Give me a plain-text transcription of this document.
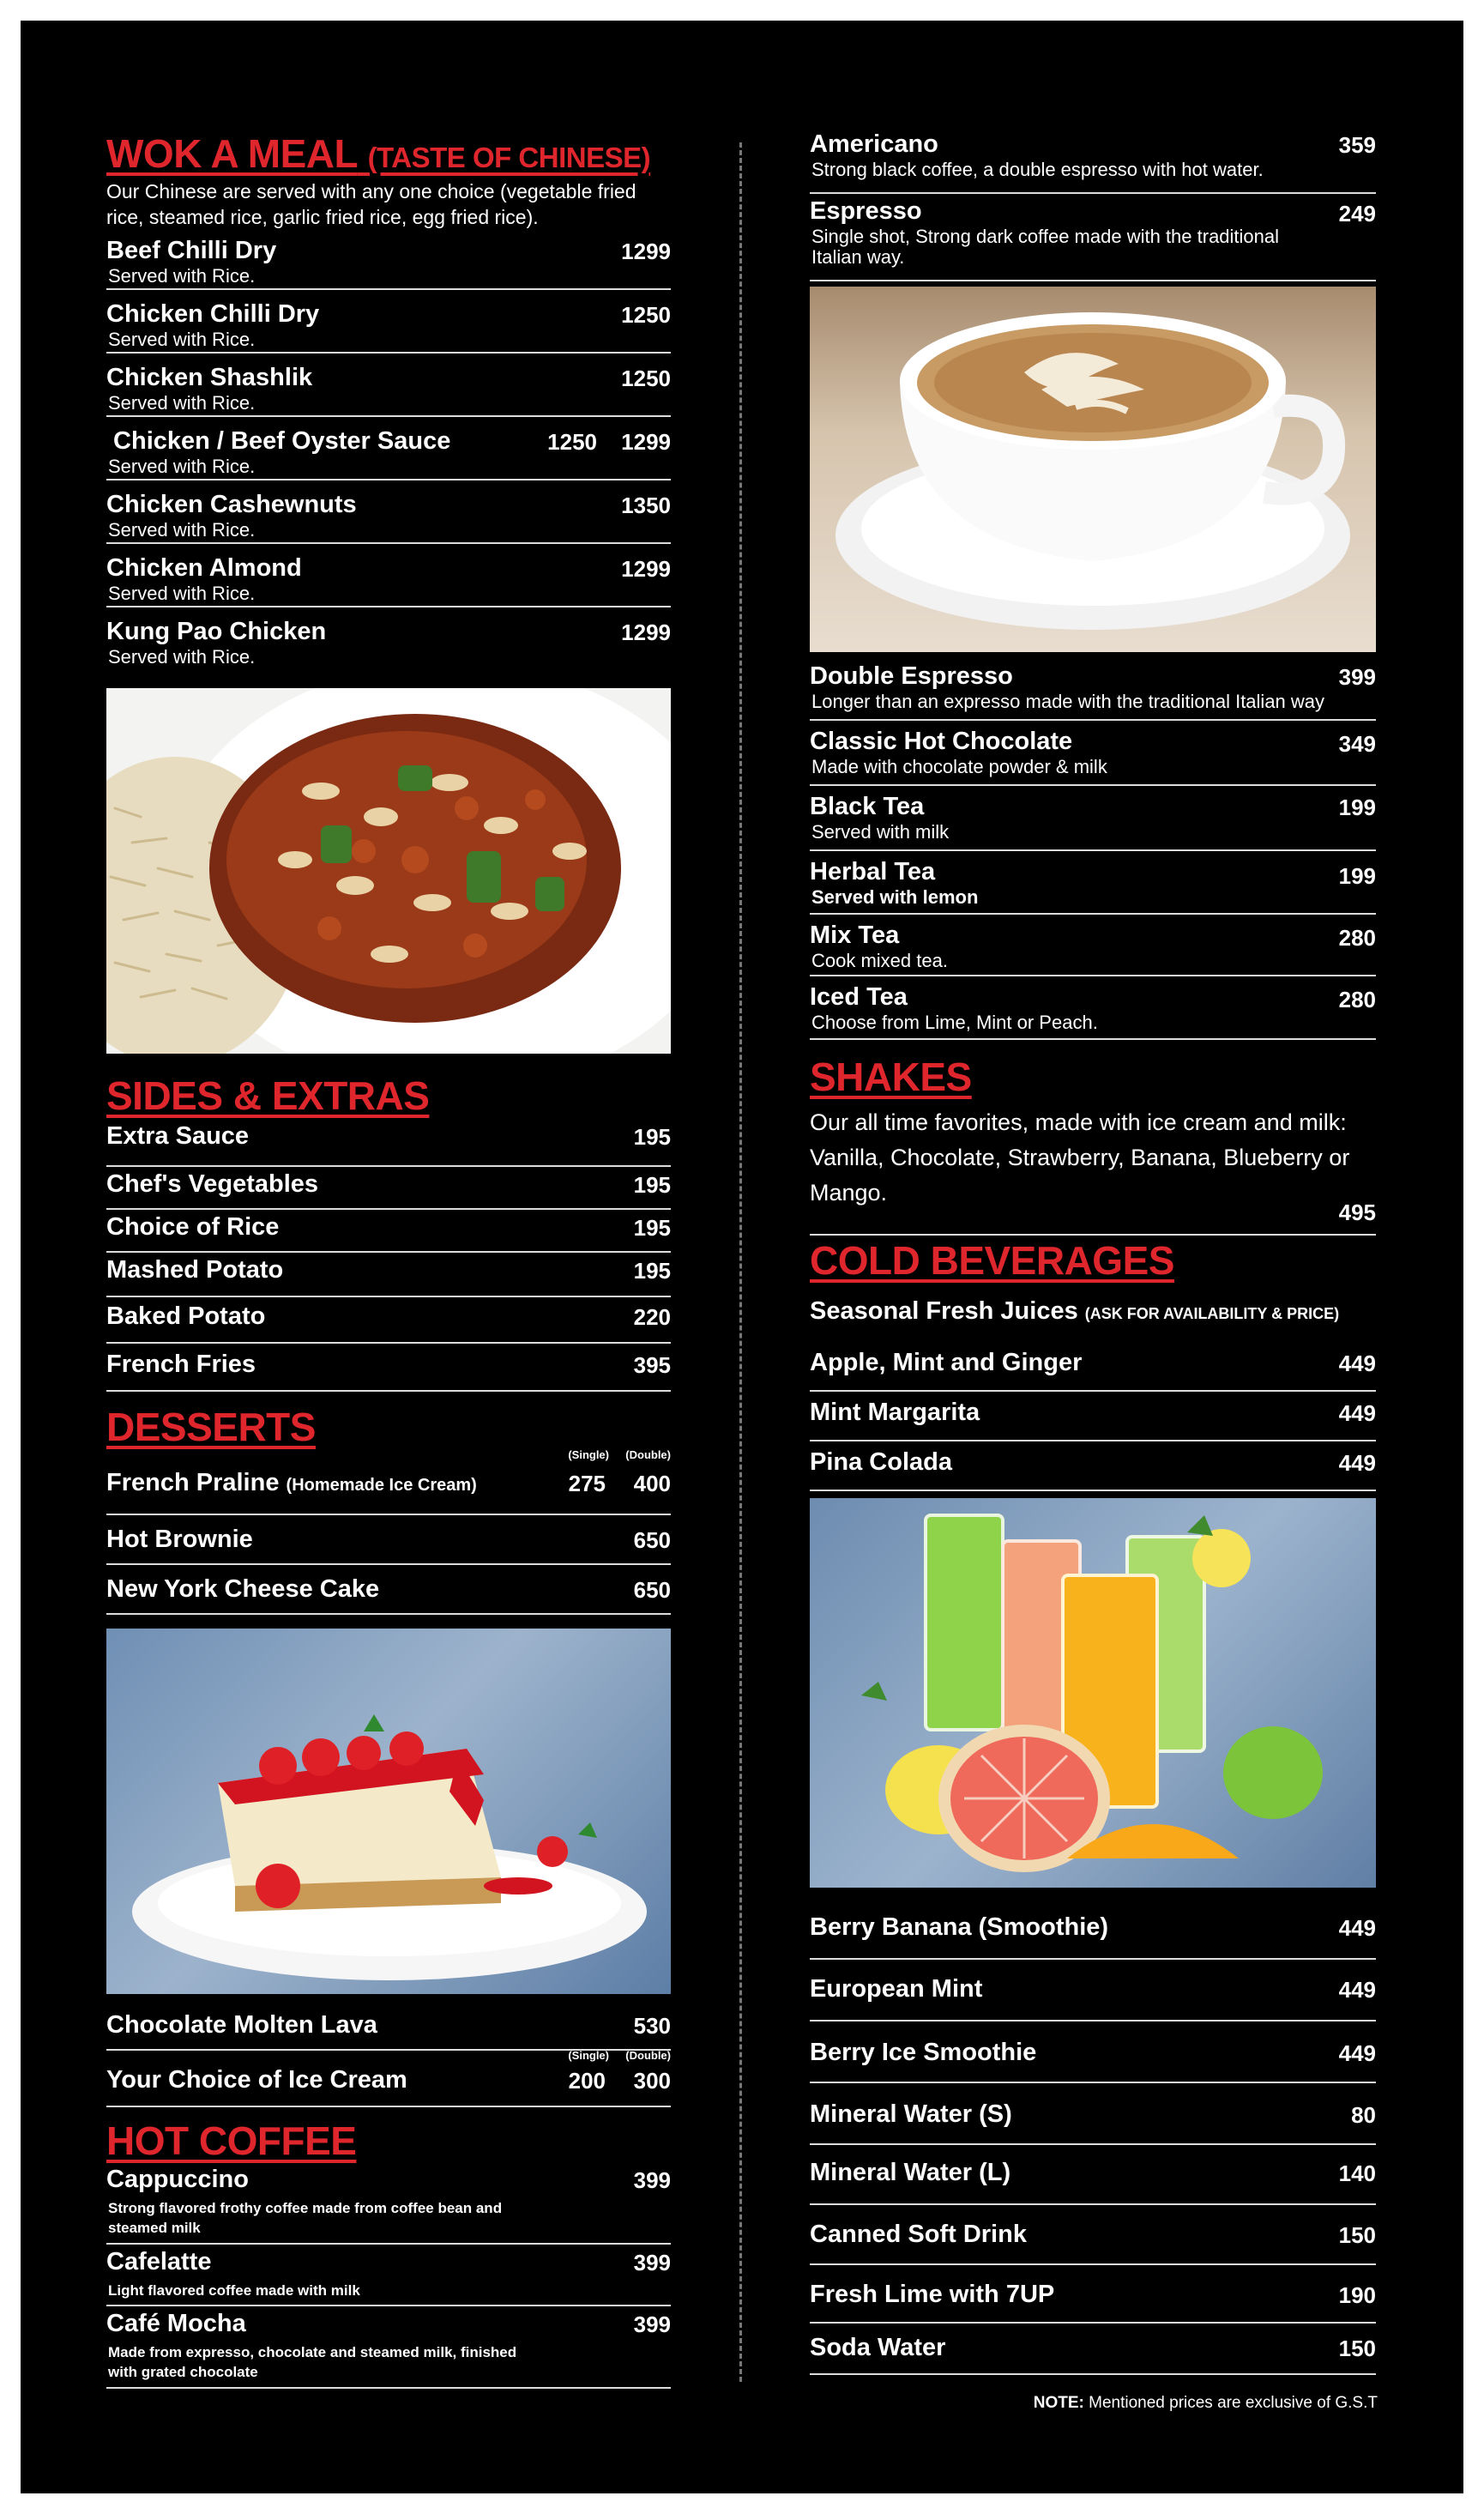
WOK A MEAL (TASTE OF CHINESE)
Our Chinese are served with any one choice (vegetable fried rice, steamed rice, garlic fried rice, egg fried rice).
Beef Chilli Dry
Served with Rice.
1299
Chicken Chilli Dry
Served with Rice.
1250
Chicken Shashlik
Served with Rice.
1250
Chicken / Beef Oyster Sauce
Served with Rice.
1250 1299
Chicken Cashewnuts
Served with Rice.
1350
Chicken Almond
Served with Rice.
1299
Kung Pao Chicken
Served with Rice.
1299
SIDES & EXTRAS
Extra Sauce	195
Chef's Vegetables	195
Choice of Rice	195
Mashed Potato	195
Baked Potato	220
French Fries	395
DESSERTS
French Praline (Homemade Ice Cream)
(Single) (Double)
275 400
Hot Brownie	650
New York Cheese Cake	650
Chocolate Molten Lava	530
Your Choice of Ice Cream
(Single) (Double)
200 300
HOT COFFEE
Cappuccino
Strong flavored frothy coffee made from coffee bean and steamed milk
399
Cafelatte
Light flavored coffee made with milk
399
Café Mocha
Made from expresso, chocolate and steamed milk, finished with grated chocolate
399
Americano
Strong black coffee, a double espresso with hot water.
359
Espresso
Single shot, Strong dark coffee made with the traditional Italian way.
249
Double Espresso
Longer than an expresso made with the traditional Italian way
399
Classic Hot Chocolate
Made with chocolate powder & milk
349
Black Tea
Served with milk
199
Herbal Tea
Served with lemon
199
Mix Tea
Cook mixed tea.
280
Iced Tea
Choose from Lime, Mint or Peach.
280
SHAKES
Our all time favorites, made with ice cream and milk: Vanilla, Chocolate, Strawberry, Banana, Blueberry or Mango.
495
COLD BEVERAGES
Seasonal Fresh Juices (ASK FOR AVAILABILITY & PRICE)
Apple, Mint and Ginger	449
Mint Margarita	449
Pina Colada	449
Berry Banana (Smoothie)	449
European Mint	449
Berry Ice Smoothie	449
Mineral Water (S)	80
Mineral Water (L)	140
Canned Soft Drink	150
Fresh Lime with 7UP	190
Soda Water	150
NOTE: Mentioned prices are exclusive of G.S.T
